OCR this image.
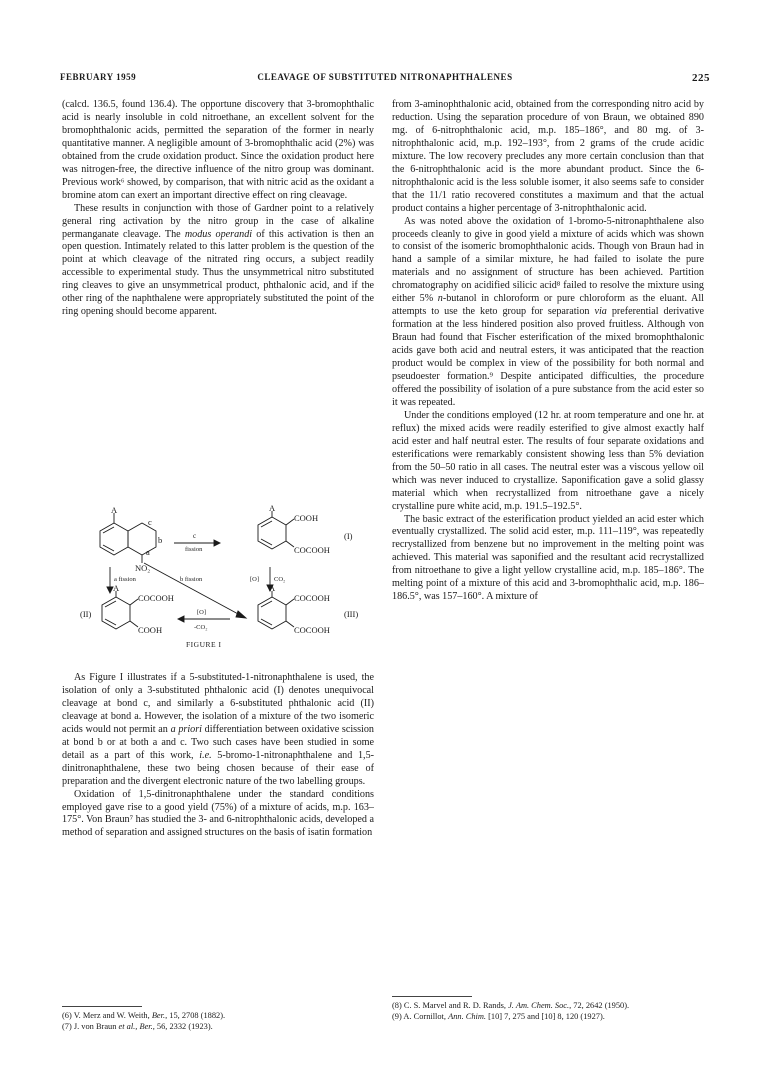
FEBRUARY 1959	CLEAVAGE OF SUBSTITUTED NITRONAPHTHALENES	225

(calcd. 136.5, found 136.4). The opportune discovery that 3-bromophthalic acid is nearly insoluble in cold nitroethane, an excellent solvent for the bromophthalonic acids, permitted the separation of the former in nearly quantitative manner. A negligible amount of 3-bromophthalic acid (2%) was obtained from the crude oxidation product. Since the oxidation product here was nitrogen-free, the directive influence of the nitro group was dominant. Previous work⁶ showed, by comparison, that with nitric acid as the oxidant a bromine atom can exert an important directive effect on ring cleavage.

These results in conjunction with those of Gardner point to a relatively general ring activation by the nitro group in the case of alkaline permanganate cleavage. The modus operandi of this activation is then an open question. Intimately related to this latter problem is the question of the point at which cleavage of the nitrated ring occurs, a subject readily accessible to experimental study. Thus the unsymmetrical nitro substituted ring cleaves to give an unsymmetrical product, phthalonic acid, and if the other ring of the naphthalene were appropriately substituted the point of the ring opening should become apparent.

A
c
b
a
NO₂
c
fission
A
COOH
COCOOH
(I)
a fission	b fission	[O] CO₂
A
COCOOH
COOH
(II)	[O]
-CO₂
A
COCOOH
COCOOH
(III)
FIGURE I

As Figure I illustrates if a 5-substituted-1-nitronaphthalene is used, the isolation of only a 3-substituted phthalonic acid (I) denotes unequivocal cleavage at bond c, and similarly a 6-substituted phthalonic acid (II) cleavage at bond a. However, the isolation of a mixture of the two isomeric acids would not permit an a priori differentiation between oxidative scission at bond b or at both a and c. Two such cases have been studied in some detail as a part of this work, i.e. 5-bromo-1-nitronaphthalene and 1,5-dinitronaphthalene, these two being chosen because of their ease of preparation and the divergent electronic nature of the two labelling groups.

Oxidation of 1,5-dinitronaphthalene under the standard conditions employed gave rise to a good yield (75%) of a mixture of acids, m.p. 163–175°. Von Braun⁷ has studied the 3- and 6-nitrophthalonic acids, developed a method of separation and assigned structures on the basis of isatin formation

(6) V. Merz and W. Weith, Ber., 15, 2708 (1882).
(7) J. von Braun et al., Ber., 56, 2332 (1923).

from 3-aminophthalonic acid, obtained from the corresponding nitro acid by reduction. Using the separation procedure of von Braun, we obtained 890 mg. of 6-nitrophthalonic acid, m.p. 185–186°, and 80 mg. of 3-nitrophthalonic acid, m.p. 192–193°, from 2 grams of the crude acidic mixture. The low recovery precludes any more certain conclusion than that the 6-nitrophthalonic acid is the more abundant product. Since the 6-nitrophthalonic acid is the less soluble isomer, it also seems safe to consider that the 11/1 ratio recovered constitutes a maximum and that the actual product contains a higher percentage of 3-nitrophthalonic acid.

As was noted above the oxidation of 1-bromo-5-nitronaphthalene also proceeds cleanly to give in good yield a mixture of acids which was shown to consist of the isomeric bromophthalonic acids. Though von Braun had in hand a sample of a similar mixture, he had failed to isolate the pure materials and no assignment of structure has been achieved. Partition chromatography on acidified silicic acid⁸ failed to resolve the mixture using either 5% n-butanol in chloroform or pure chloroform as the eluant. All attempts to use the keto group for separation via preferential derivative formation at the less hindered position also proved fruitless. Although von Braun had found that Fischer esterification of the mixed bromophthalonic acids gave both acid and neutral esters, it was anticipated that the reaction product would be complex in view of the possibility for both normal and pseudoester formation.⁹ Despite anticipated difficulties, the procedure offered the possibility of isolation of a pure substance from the acid ester so it was repeated.

Under the conditions employed (12 hr. at room temperature and one hr. at reflux) the mixed acids were readily esterified to give almost exactly half acid ester and half neutral ester. The results of four separate oxidations and esterifications were remarkably consistent showing less than 5% deviation from the 50–50 ratio in all cases. The neutral ester was a viscous yellow oil which was never induced to crystallize. Saponification gave a solid glassy material which when recrystallized from nitroethane gave a nicely crystalline pure white acid, m.p. 191.5–192.5°.

The basic extract of the esterification product yielded an acid ester which eventually crystallized. The solid acid ester, m.p. 111–119°, was repeatedly recrystallized from benzene but no improvement in the melting point was achieved. This material was saponified and the resultant acid recrystallized from nitroethane to give a light yellow crystalline acid, m.p. 185–186°. The melting point of a mixture of this acid and 3-bromophthalic acid, m.p. 186–186.5°, was 157–160°. A mixture of

(8) C. S. Marvel and R. D. Rands, J. Am. Chem. Soc., 72, 2642 (1950).
(9) A. Cornillot, Ann. Chim. [10] 7, 275 and [10] 8, 120 (1927).
